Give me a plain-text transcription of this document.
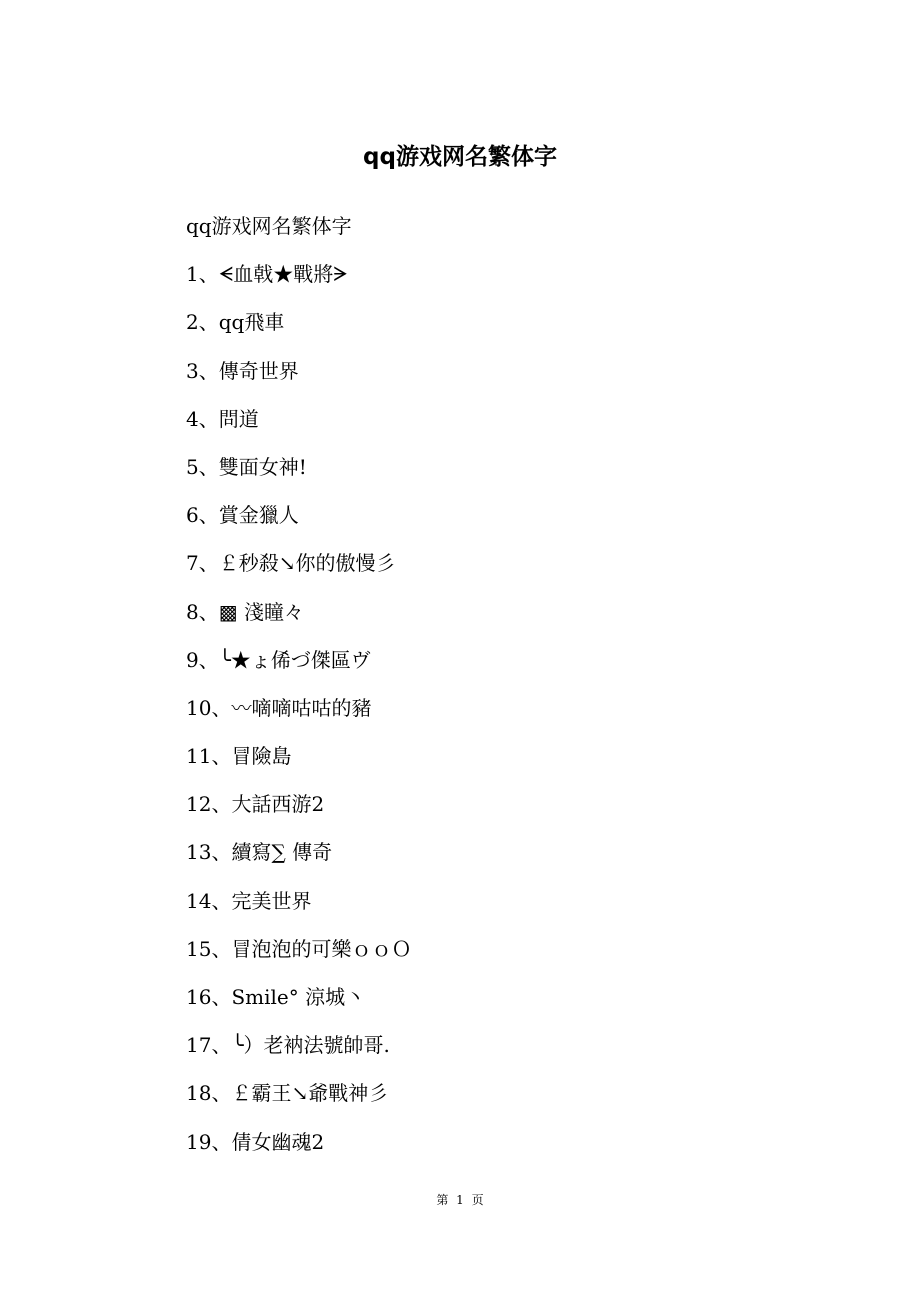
qq游戏网名繁体字
qq游戏网名繁体字
1、ᗕ血戟★戰將ᗒ
2、qq飛車
3、傳奇世界
4、問道
5、雙面女神!
6、賞金獵人
7、￡秒殺↘你的傲慢彡
8、▩ 淺瞳々
9、╰★ょ俙づ傑區ヴ
10、〰嘀嘀咕咕的豬
11、冒險島
12、大話西游2
13、續寫∑ 傳奇
14、完美世界
15、冒泡泡的可樂ｏｏＯ
16、Smile° 涼城丶
17、╰）老衲法號帥哥.
18、￡霸王↘爺戰神彡
19、倩女幽魂2
第 1 页
